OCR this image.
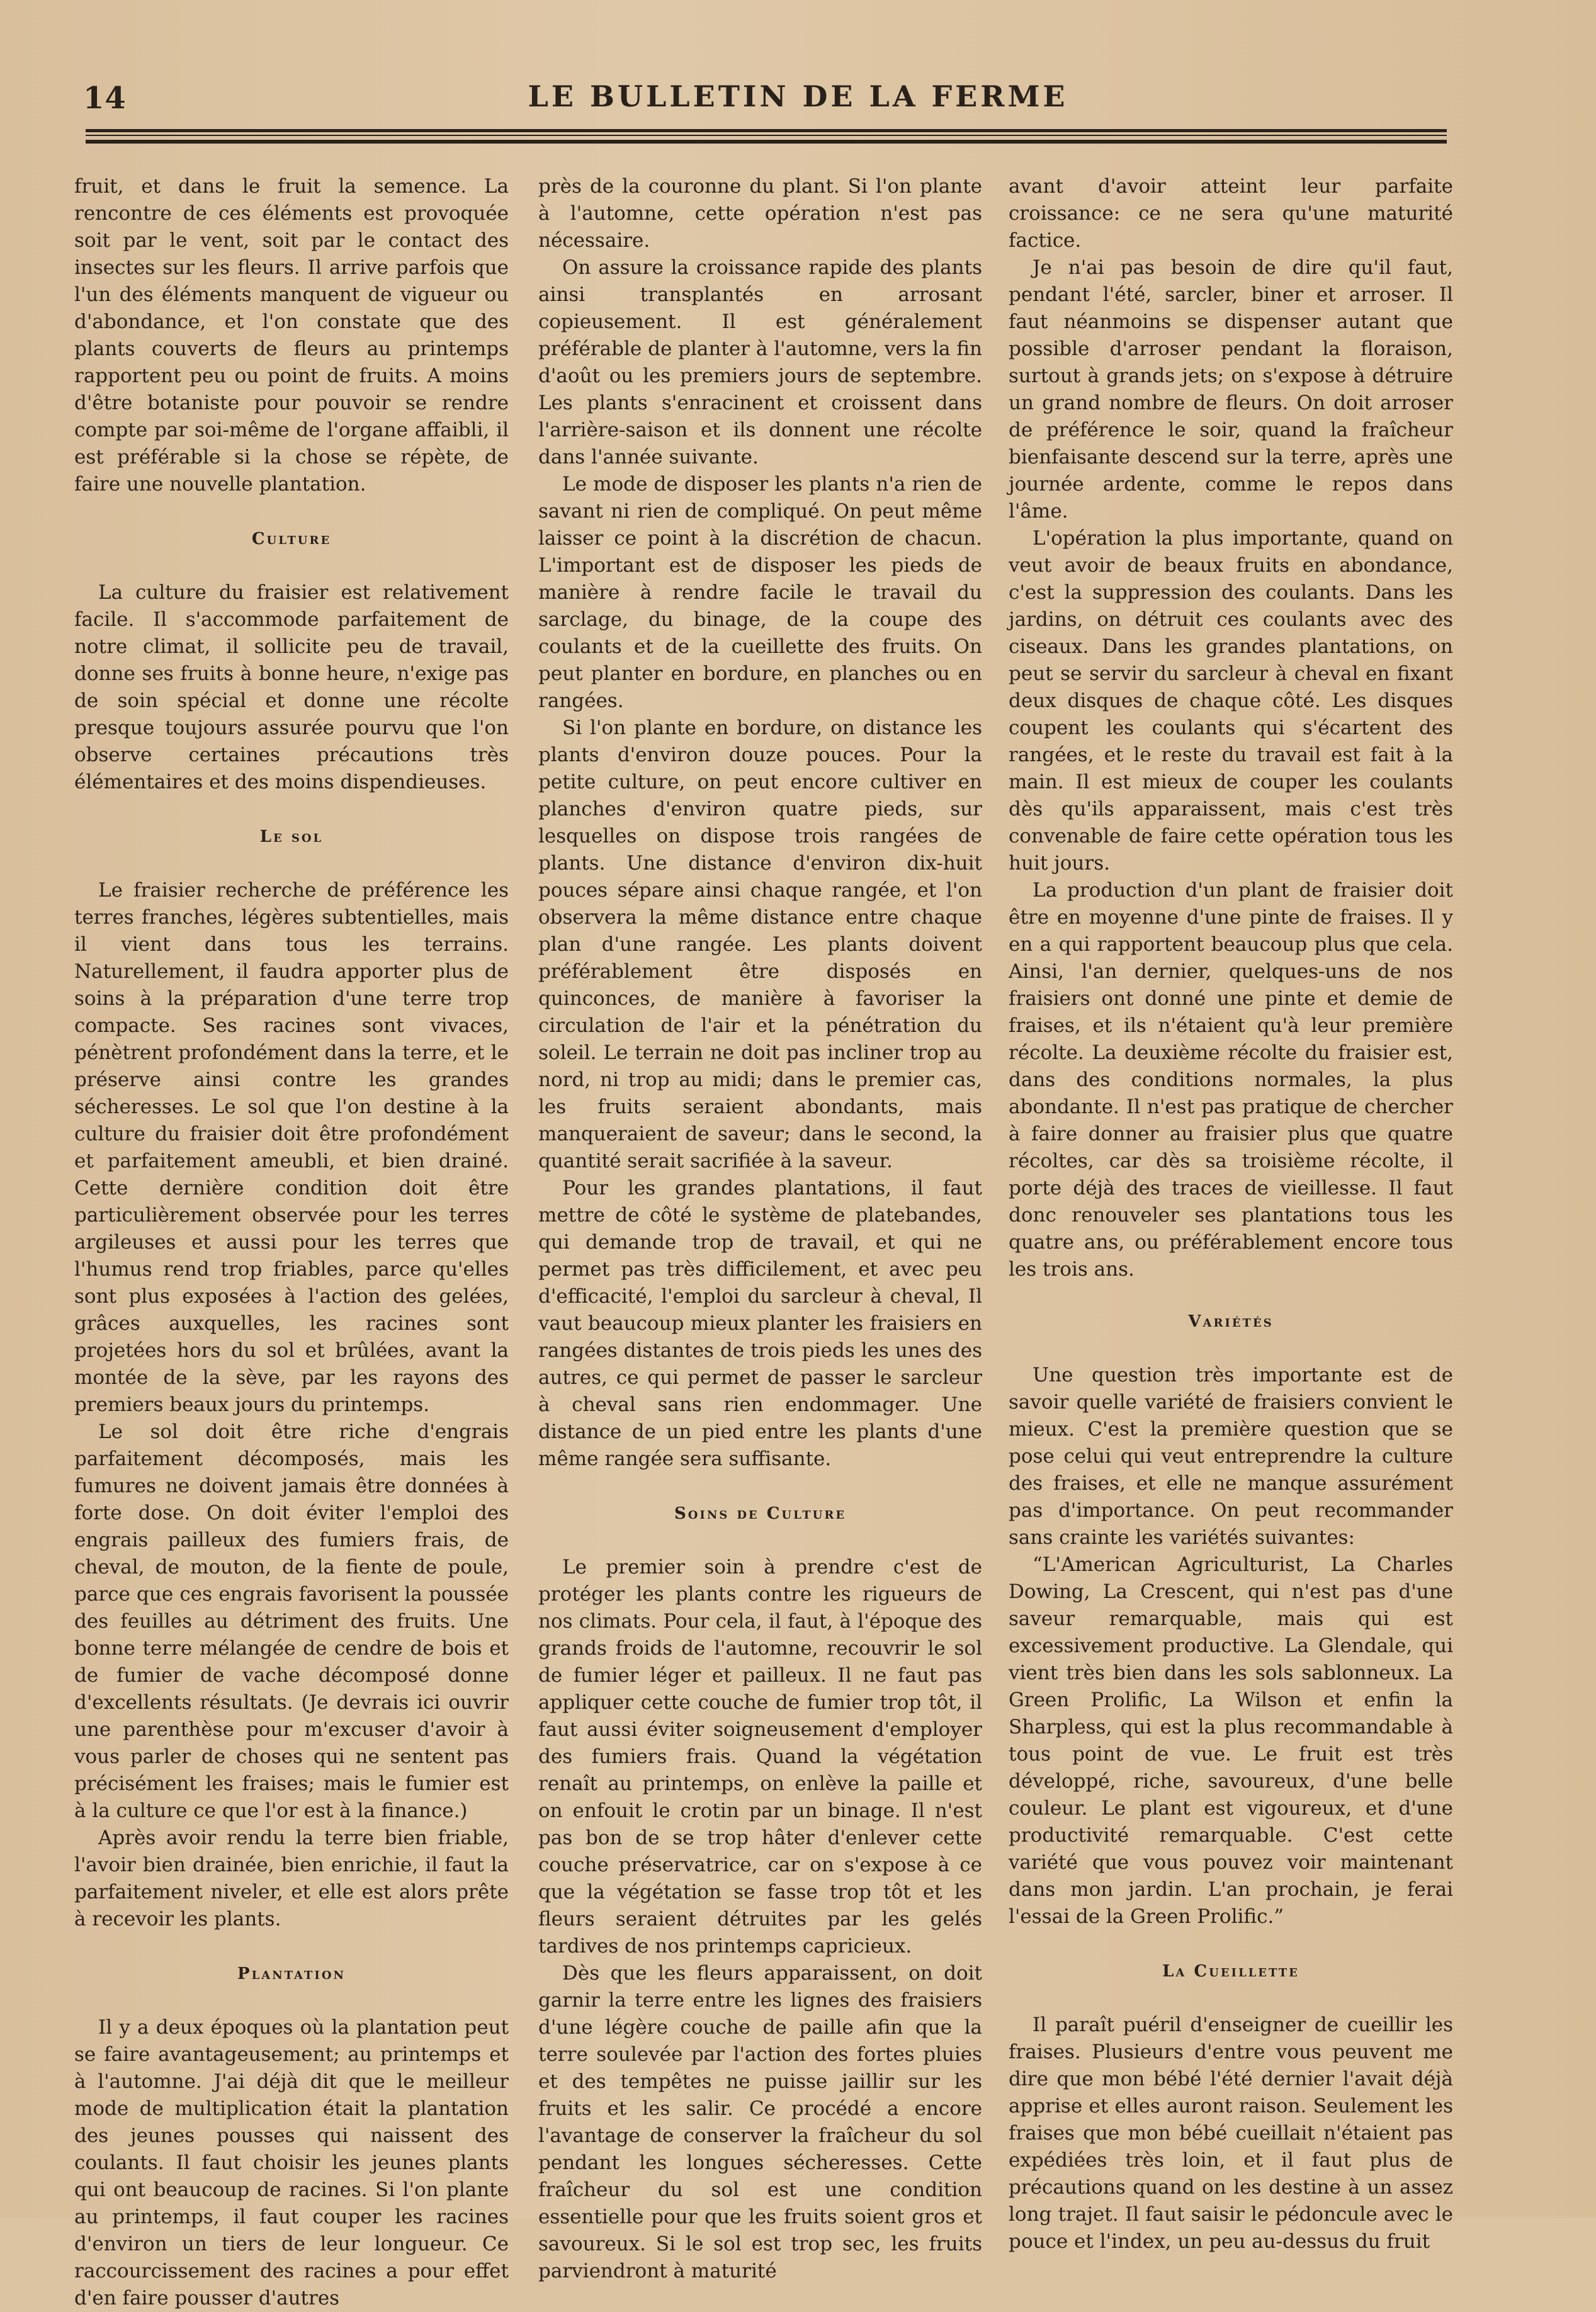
14	LE BULLETIN DE LA FERME

fruit, et dans le fruit la semence. La rencontre de ces éléments est provoquée soit par le vent, soit par le contact des insectes sur les fleurs. Il arrive parfois que l'un des éléments manquent de vigueur ou d'abondance, et l'on constate que des plants couverts de fleurs au printemps rapportent peu ou point de fruits. A moins d'être botaniste pour pouvoir se rendre compte par soi-même de l'organe affaibli, il est préférable si la chose se répète, de faire une nouvelle plantation.

Culture

La culture du fraisier est relativement facile. Il s'accommode parfaitement de notre climat, il sollicite peu de travail, donne ses fruits à bonne heure, n'exige pas de soin spécial et donne une récolte presque toujours assurée pourvu que l'on observe certaines précautions très élémentaires et des moins dispendieuses.

Le sol

Le fraisier recherche de préférence les terres franches, légères subtentielles, mais il vient dans tous les terrains. Naturellement, il faudra apporter plus de soins à la préparation d'une terre trop compacte. Ses racines sont vivaces, pénètrent profondément dans la terre, et le préserve ainsi contre les grandes sécheresses. Le sol que l'on destine à la culture du fraisier doit être profondément et parfaitement ameubli, et bien drainé. Cette dernière condition doit être particulièrement observée pour les terres argileuses et aussi pour les terres que l'humus rend trop friables, parce qu'elles sont plus exposées à l'action des gelées, grâces auxquelles, les racines sont projetées hors du sol et brûlées, avant la montée de la sève, par les rayons des premiers beaux jours du printemps.

Le sol doit être riche d'engrais parfaitement décomposés, mais les fumures ne doivent jamais être données à forte dose. On doit éviter l'emploi des engrais pailleux des fumiers frais, de cheval, de mouton, de la fiente de poule, parce que ces engrais favorisent la poussée des feuilles au détriment des fruits. Une bonne terre mélangée de cendre de bois et de fumier de vache décomposé donne d'excellents résultats. (Je devrais ici ouvrir une parenthèse pour m'excuser d'avoir à vous parler de choses qui ne sentent pas précisément les fraises; mais le fumier est à la culture ce que l'or est à la finance.)

Après avoir rendu la terre bien friable, l'avoir bien drainée, bien enrichie, il faut la parfaitement niveler, et elle est alors prête à recevoir les plants.

Plantation

Il y a deux époques où la plantation peut se faire avantageusement; au printemps et à l'automne. J'ai déjà dit que le meilleur mode de multiplication était la plantation des jeunes pousses qui naissent des coulants. Il faut choisir les jeunes plants qui ont beaucoup de racines. Si l'on plante au printemps, il faut couper les racines d'environ un tiers de leur longueur. Ce raccourcissement des racines a pour effet d'en faire pousser d'autres

près de la couronne du plant. Si l'on plante à l'automne, cette opération n'est pas nécessaire.

On assure la croissance rapide des plants ainsi transplantés en arrosant copieusement. Il est généralement préférable de planter à l'automne, vers la fin d'août ou les premiers jours de septembre. Les plants s'enracinent et croissent dans l'arrière-saison et ils donnent une récolte dans l'année suivante.

Le mode de disposer les plants n'a rien de savant ni rien de compliqué. On peut même laisser ce point à la discrétion de chacun. L'important est de disposer les pieds de manière à rendre facile le travail du sarclage, du binage, de la coupe des coulants et de la cueillette des fruits. On peut planter en bordure, en planches ou en rangées.

Si l'on plante en bordure, on distance les plants d'environ douze pouces. Pour la petite culture, on peut encore cultiver en planches d'environ quatre pieds, sur lesquelles on dispose trois rangées de plants. Une distance d'environ dix-huit pouces sépare ainsi chaque rangée, et l'on observera la même distance entre chaque plan d'une rangée. Les plants doivent préférablement être disposés en quinconces, de manière à favoriser la circulation de l'air et la pénétration du soleil. Le terrain ne doit pas incliner trop au nord, ni trop au midi; dans le premier cas, les fruits seraient abondants, mais manqueraient de saveur; dans le second, la quantité serait sacrifiée à la saveur.

Pour les grandes plantations, il faut mettre de côté le système de platebandes, qui demande trop de travail, et qui ne permet pas très difficilement, et avec peu d'efficacité, l'emploi du sarcleur à cheval, Il vaut beaucoup mieux planter les fraisiers en rangées distantes de trois pieds les unes des autres, ce qui permet de passer le sarcleur à cheval sans rien endommager. Une distance de un pied entre les plants d'une même rangée sera suffisante.

Soins de Culture

Le premier soin à prendre c'est de protéger les plants contre les rigueurs de nos climats. Pour cela, il faut, à l'époque des grands froids de l'automne, recouvrir le sol de fumier léger et pailleux. Il ne faut pas appliquer cette couche de fumier trop tôt, il faut aussi éviter soigneusement d'employer des fumiers frais. Quand la végétation renaît au printemps, on enlève la paille et on enfouit le crotin par un binage. Il n'est pas bon de se trop hâter d'enlever cette couche préservatrice, car on s'expose à ce que la végétation se fasse trop tôt et les fleurs seraient détruites par les gelés tardives de nos printemps capricieux.

Dès que les fleurs apparaissent, on doit garnir la terre entre les lignes des fraisiers d'une légère couche de paille afin que la terre soulevée par l'action des fortes pluies et des tempêtes ne puisse jaillir sur les fruits et les salir. Ce procédé a encore l'avantage de conserver la fraîcheur du sol pendant les longues sécheresses. Cette fraîcheur du sol est une condition essentielle pour que les fruits soient gros et savoureux. Si le sol est trop sec, les fruits parviendront à maturité

avant d'avoir atteint leur parfaite croissance: ce ne sera qu'une maturité factice.

Je n'ai pas besoin de dire qu'il faut, pendant l'été, sarcler, biner et arroser. Il faut néanmoins se dispenser autant que possible d'arroser pendant la floraison, surtout à grands jets; on s'expose à détruire un grand nombre de fleurs. On doit arroser de préférence le soir, quand la fraîcheur bienfaisante descend sur la terre, après une journée ardente, comme le repos dans l'âme.

L'opération la plus importante, quand on veut avoir de beaux fruits en abondance, c'est la suppression des coulants. Dans les jardins, on détruit ces coulants avec des ciseaux. Dans les grandes plantations, on peut se servir du sarcleur à cheval en fixant deux disques de chaque côté. Les disques coupent les coulants qui s'écartent des rangées, et le reste du travail est fait à la main. Il est mieux de couper les coulants dès qu'ils apparaissent, mais c'est très convenable de faire cette opération tous les huit jours.

La production d'un plant de fraisier doit être en moyenne d'une pinte de fraises. Il y en a qui rapportent beaucoup plus que cela. Ainsi, l'an dernier, quelques-uns de nos fraisiers ont donné une pinte et demie de fraises, et ils n'étaient qu'à leur première récolte. La deuxième récolte du fraisier est, dans des conditions normales, la plus abondante. Il n'est pas pratique de chercher à faire donner au fraisier plus que quatre récoltes, car dès sa troisième récolte, il porte déjà des traces de vieillesse. Il faut donc renouveler ses plantations tous les quatre ans, ou préférablement encore tous les trois ans.

Variétés

Une question très importante est de savoir quelle variété de fraisiers convient le mieux. C'est la première question que se pose celui qui veut entreprendre la culture des fraises, et elle ne manque assurément pas d'importance. On peut recommander sans crainte les variétés suivantes:

“L'American Agriculturist, La Charles Dowing, La Crescent, qui n'est pas d'une saveur remarquable, mais qui est excessivement productive. La Glendale, qui vient très bien dans les sols sablonneux. La Green Prolific, La Wilson et enfin la Sharpless, qui est la plus recommandable à tous point de vue. Le fruit est très développé, riche, savoureux, d'une belle couleur. Le plant est vigoureux, et d'une productivité remarquable. C'est cette variété que vous pouvez voir maintenant dans mon jardin. L'an prochain, je ferai l'essai de la Green Prolific.”

La Cueillette

Il paraît puéril d'enseigner de cueillir les fraises. Plusieurs d'entre vous peuvent me dire que mon bébé l'été dernier l'avait déjà apprise et elles auront raison. Seulement les fraises que mon bébé cueillait n'étaient pas expédiées très loin, et il faut plus de précautions quand on les destine à un assez long trajet. Il faut saisir le pédoncule avec le pouce et l'index, un peu au-dessus du fruit
